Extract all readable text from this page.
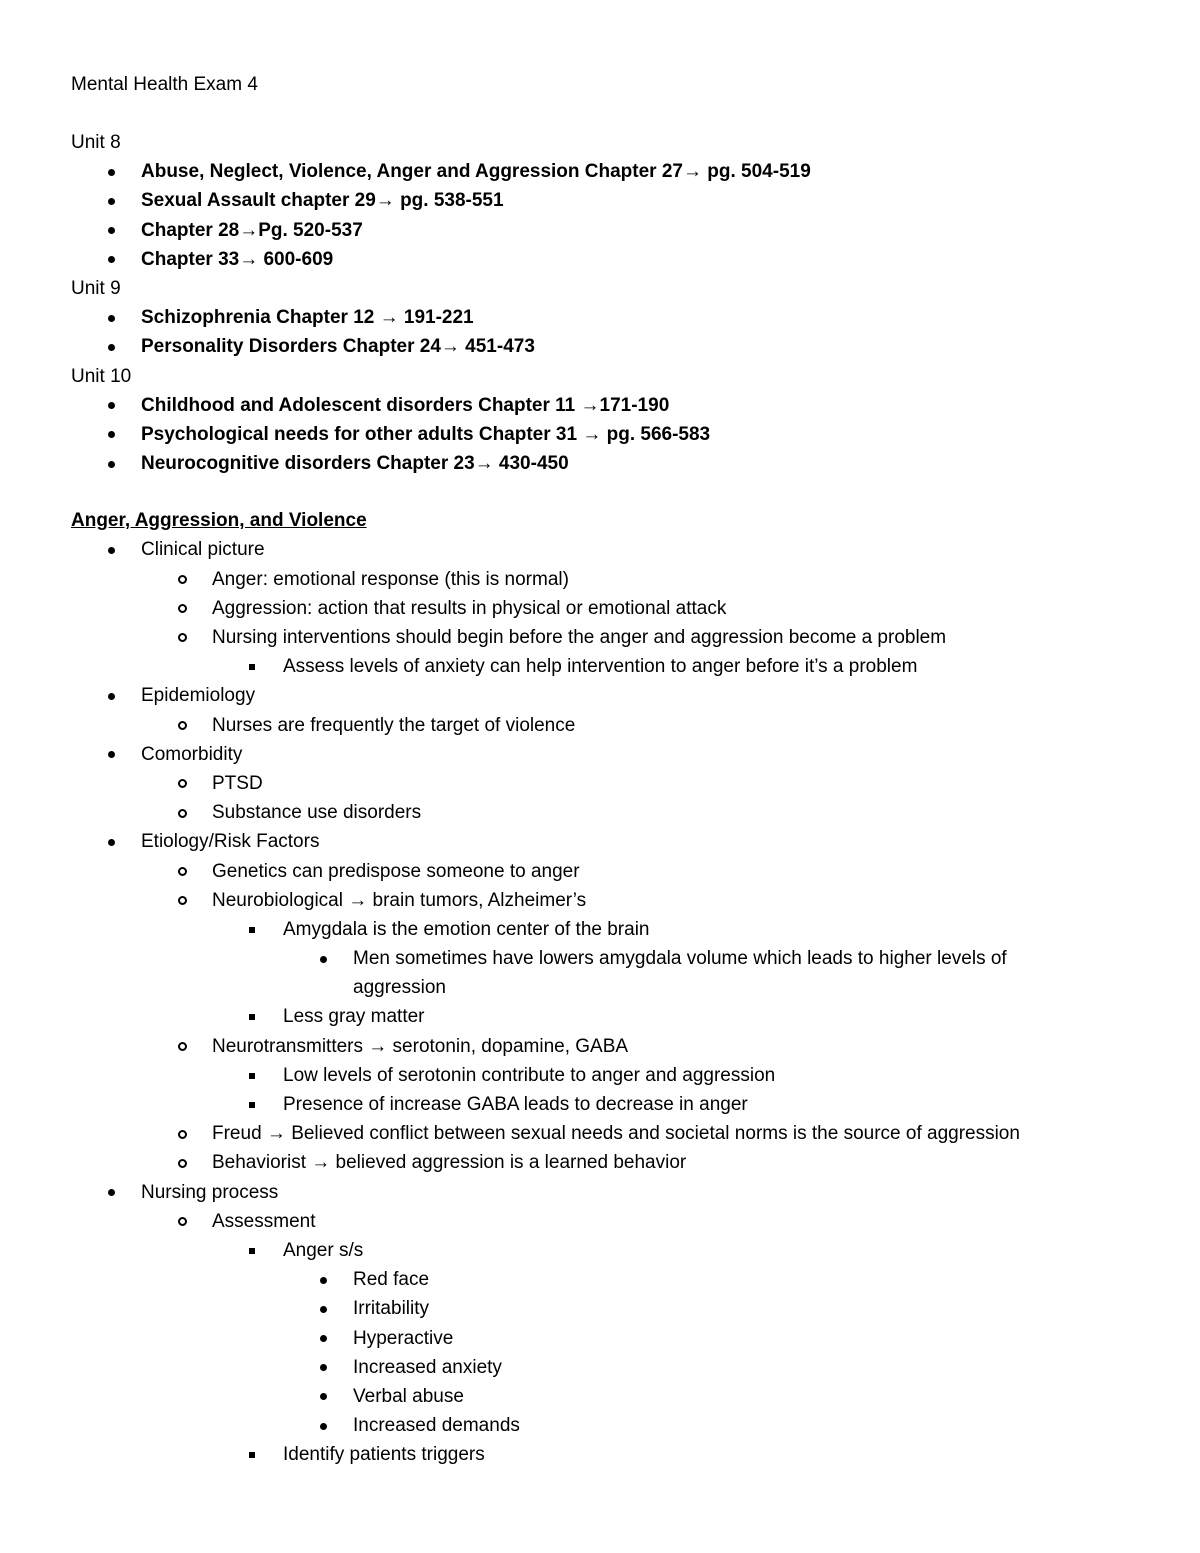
Mental Health Exam 4
Unit 8
Abuse, Neglect, Violence, Anger and Aggression Chapter 27→ pg. 504-519
Sexual Assault chapter 29→ pg. 538-551
Chapter 28→Pg. 520-537
Chapter 33→ 600-609
Unit 9
Schizophrenia Chapter 12 → 191-221
Personality Disorders Chapter 24→ 451-473
Unit 10
Childhood and Adolescent disorders Chapter 11 →171-190
Psychological needs for other adults Chapter 31 → pg. 566-583
Neurocognitive disorders Chapter 23→ 430-450
Anger, Aggression, and Violence
Clinical picture
Anger: emotional response (this is normal)
Aggression: action that results in physical or emotional attack
Nursing interventions should begin before the anger and aggression become a problem
Assess levels of anxiety can help intervention to anger before it’s a problem
Epidemiology
Nurses are frequently the target of violence
Comorbidity
PTSD
Substance use disorders
Etiology/Risk Factors
Genetics can predispose someone to anger
Neurobiological → brain tumors, Alzheimer’s
Amygdala is the emotion center of the brain
Men sometimes have lowers amygdala volume which leads to higher levels of
aggression
Less gray matter
Neurotransmitters → serotonin, dopamine, GABA
Low levels of serotonin contribute to anger and aggression
Presence of increase GABA leads to decrease in anger
Freud → Believed conflict between sexual needs and societal norms is the source of aggression
Behaviorist → believed aggression is a learned behavior
Nursing process
Assessment
Anger s/s
Red face
Irritability
Hyperactive
Increased anxiety
Verbal abuse
Increased demands
Identify patients triggers
